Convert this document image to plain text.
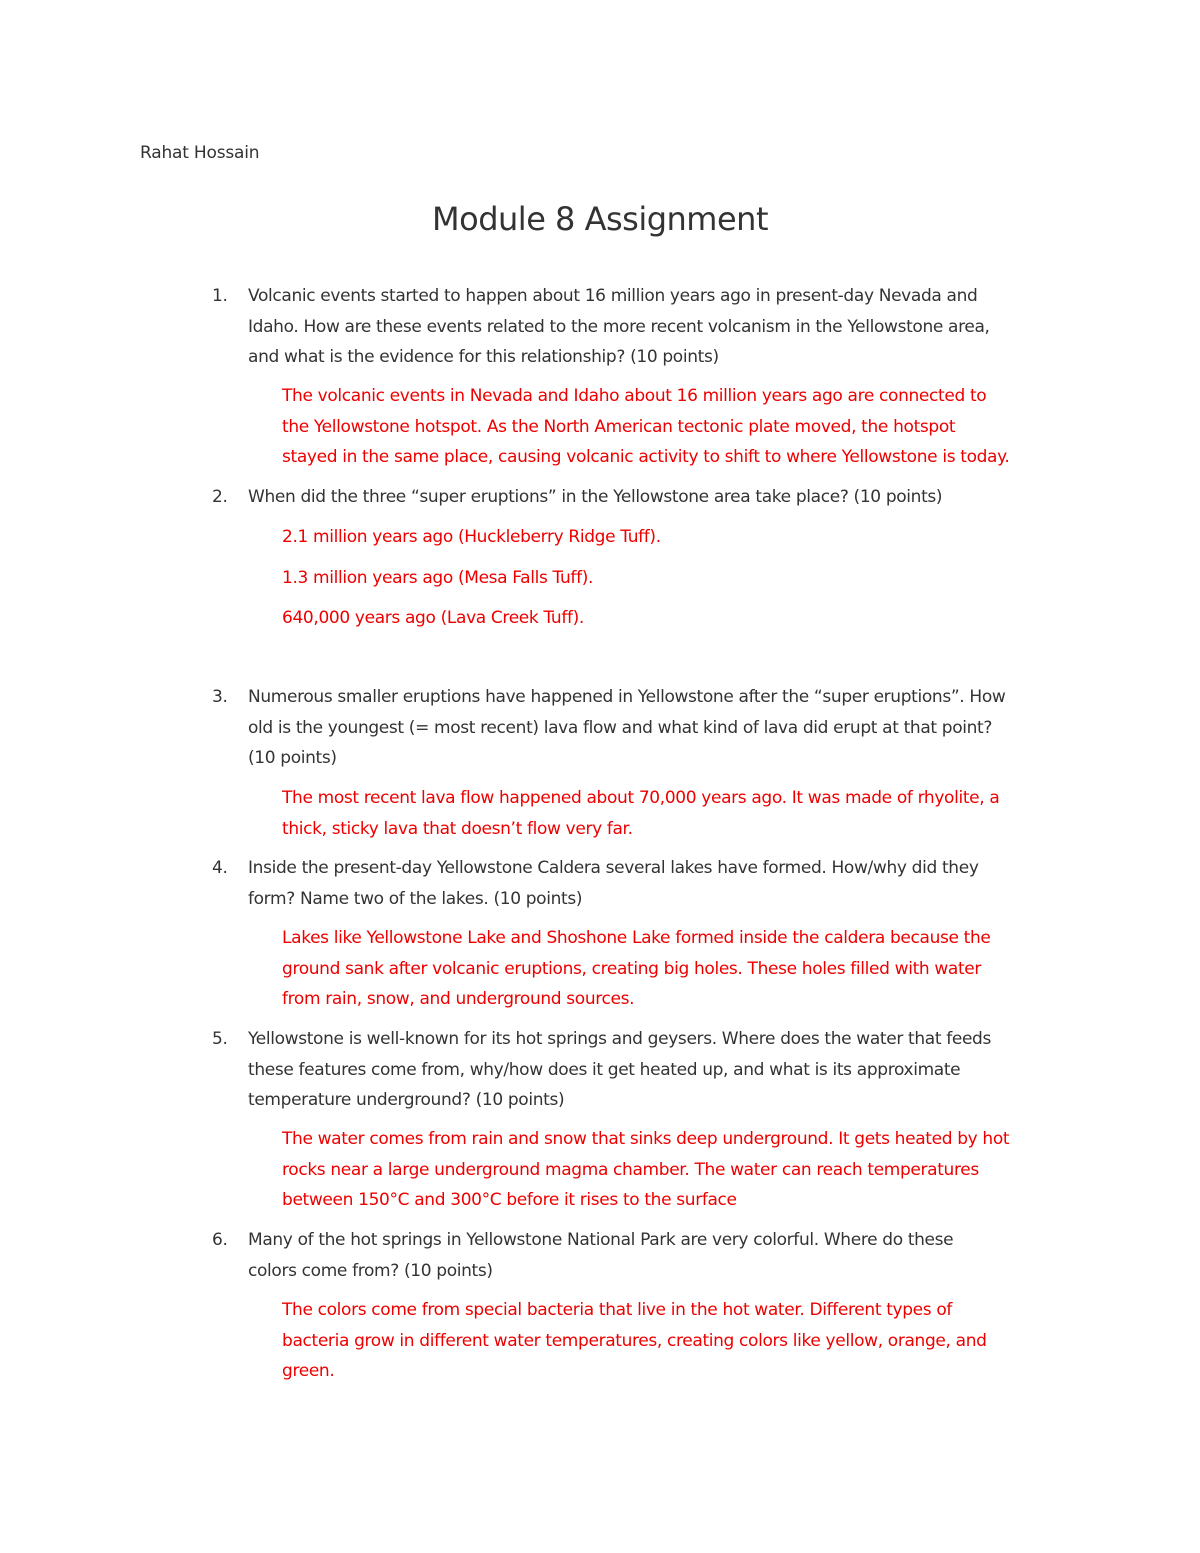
Rahat Hossain
Module 8 Assignment
1. Volcanic events started to happen about 16 million years ago in present-day Nevada and
Idaho. How are these events related to the more recent volcanism in the Yellowstone area,
and what is the evidence for this relationship? (10 points)
The volcanic events in Nevada and Idaho about 16 million years ago are connected to
the Yellowstone hotspot. As the North American tectonic plate moved, the hotspot
stayed in the same place, causing volcanic activity to shift to where Yellowstone is today.
2. When did the three “super eruptions” in the Yellowstone area take place? (10 points)
2.1 million years ago (Huckleberry Ridge Tuff).
1.3 million years ago (Mesa Falls Tuff).
640,000 years ago (Lava Creek Tuff).
3. Numerous smaller eruptions have happened in Yellowstone after the “super eruptions”. How
old is the youngest (= most recent) lava flow and what kind of lava did erupt at that point?
(10 points)
The most recent lava flow happened about 70,000 years ago. It was made of rhyolite, a
thick, sticky lava that doesn’t flow very far.
4. Inside the present-day Yellowstone Caldera several lakes have formed. How/why did they
form? Name two of the lakes. (10 points)
Lakes like Yellowstone Lake and Shoshone Lake formed inside the caldera because the
ground sank after volcanic eruptions, creating big holes. These holes filled with water
from rain, snow, and underground sources.
5. Yellowstone is well-known for its hot springs and geysers. Where does the water that feeds
these features come from, why/how does it get heated up, and what is its approximate
temperature underground? (10 points)
The water comes from rain and snow that sinks deep underground. It gets heated by hot
rocks near a large underground magma chamber. The water can reach temperatures
between 150°C and 300°C before it rises to the surface
6. Many of the hot springs in Yellowstone National Park are very colorful. Where do these
colors come from? (10 points)
The colors come from special bacteria that live in the hot water. Different types of
bacteria grow in different water temperatures, creating colors like yellow, orange, and
green.
